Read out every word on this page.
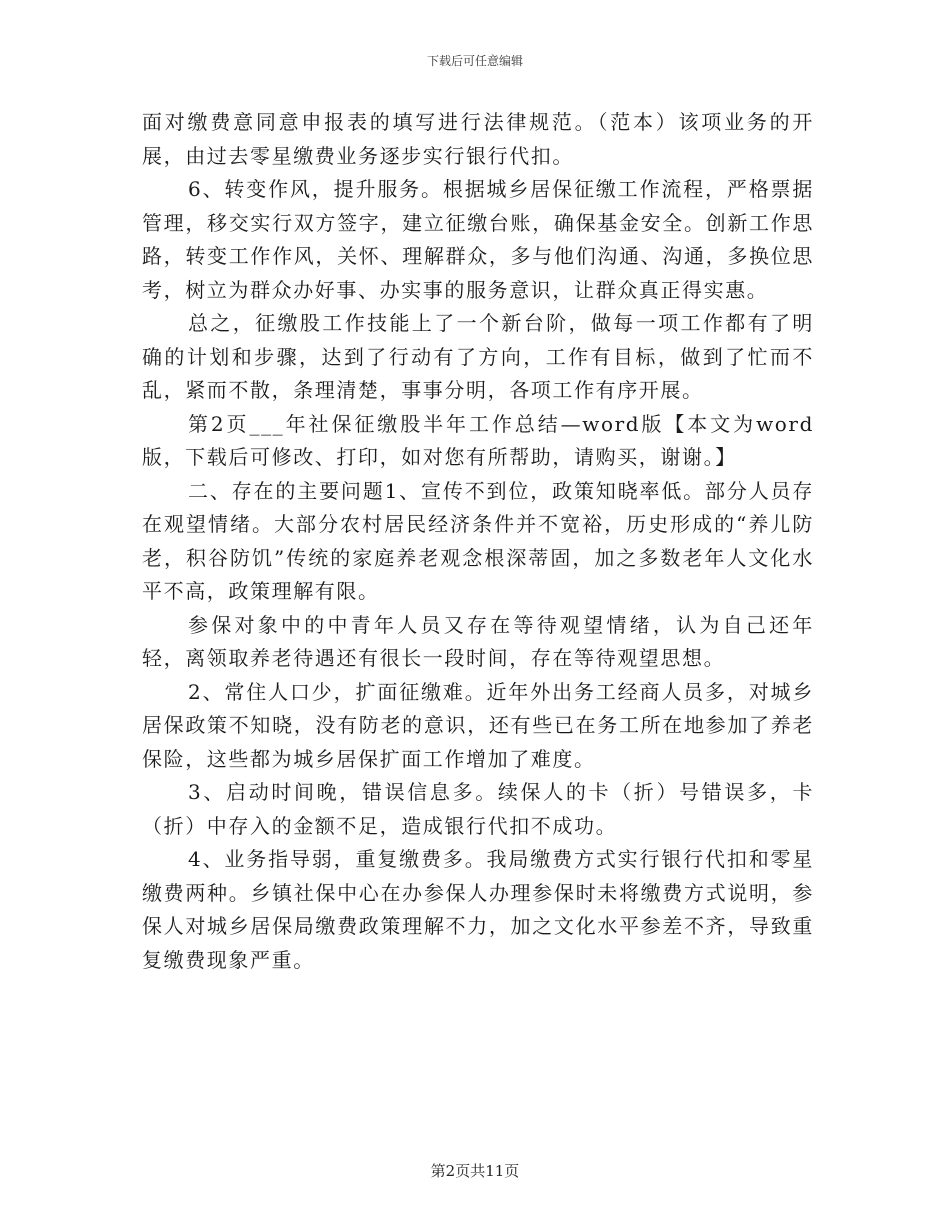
下载后可任意编辑

面对缴费意同意申报表的填写进行法律规范。（范本）该项业务的开展，由过去零星缴费业务逐步实行银行代扣。

6、转变作风，提升服务。根据城乡居保征缴工作流程，严格票据管理，移交实行双方签字，建立征缴台账，确保基金安全。创新工作思路，转变工作作风，关怀、理解群众，多与他们沟通、沟通，多换位思考，树立为群众办好事、办实事的服务意识，让群众真正得实惠。

总之，征缴股工作技能上了一个新台阶，做每一项工作都有了明确的计划和步骤，达到了行动有了方向，工作有目标，做到了忙而不乱，紧而不散，条理清楚，事事分明，各项工作有序开展。

第2页___年社保征缴股半年工作总结—word版【本文为word版，下载后可修改、打印，如对您有所帮助，请购买，谢谢。】

二、存在的主要问题1、宣传不到位，政策知晓率低。部分人员存在观望情绪。大部分农村居民经济条件并不宽裕，历史形成的“养儿防老，积谷防饥”传统的家庭养老观念根深蒂固，加之多数老年人文化水平不高，政策理解有限。

参保对象中的中青年人员又存在等待观望情绪，认为自己还年轻，离领取养老待遇还有很长一段时间，存在等待观望思想。

2、常住人口少，扩面征缴难。近年外出务工经商人员多，对城乡居保政策不知晓，没有防老的意识，还有些已在务工所在地参加了养老保险，这些都为城乡居保扩面工作增加了难度。

3、启动时间晚，错误信息多。续保人的卡（折）号错误多，卡（折）中存入的金额不足，造成银行代扣不成功。

4、业务指导弱，重复缴费多。我局缴费方式实行银行代扣和零星缴费两种。乡镇社保中心在办参保人办理参保时未将缴费方式说明，参保人对城乡居保局缴费政策理解不力，加之文化水平参差不齐，导致重复缴费现象严重。

第2页共11页
